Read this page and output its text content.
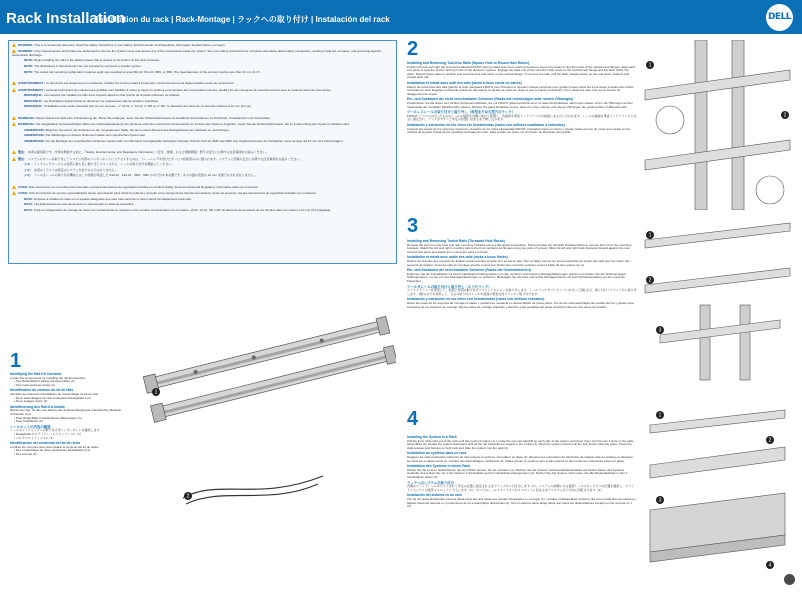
Rack Installation
Installation du rack | Rack-Montage | ラックへの取り付け | Instalación del rack	DELL
WARNING: This is a condensed reference. Read the safety instructions in your Safety, Environmental, and Regulatory Information booklet before you begin.
WARNING: Only trained service technicians are authorized to remove the system cover and access any of the components inside the system. See your safety instructions for complete information about safety precautions, working inside the computer, and protecting against electrostatic discharge.
NOTE: Begin installing the rails in the allotted space that is closest to the bottom of the rack enclosure.
NOTE: The illustrations in this document are not intended to represent a specific system.
NOTE: The tooled rail mounting configuration requires eight user-supplied screws #10-32, #12-24, #M5, or #M6. The head diameter of the screws must be less than 10 mm (0.4").
AVERTISSEMENT : ce document est uniquement un condensé. Veuillez lire le livret relatif à la sécurité, l'environnement et la réglementation avant de commencer.
AVERTISSEMENT : seuls les techniciens de maintenance qualifiés sont habilités à retirer le capot du système pour accéder aux composants internes. Veuillez lire les consignes de sécurité fournies avec le système avant de commencer.
REMARQUE : commencez par installer les rails dans l'espace alloué le plus proche de la partie inférieure du châssis.
REMARQUE : les illustrations figurant dans ce document ne représentent pas de système spécifique.
REMARQUE : l'installation avec outils nécessite huit vis non fournies : n° 10-32, n° 12-24, n° M5 ou n° M6. Le diamètre des têtes de vis doit être inférieur à 10 mm (0,4 po).
WARNUNG: Dieses Dokument stellt eine Kurzanleitung dar. Bevor Sie anfangen, lesen Sie die Sicherheitshinweise im Handbuch Informationen zu Sicherheit, Umweltschutz und Vorschriften.
WARNUNG: Nur ausgebildete Servicetechniker dürfen die Gehäuseabdeckung des Systems entfernen und auf die Komponenten im Inneren des Systems zugreifen. Lesen Sie die Sicherheitshinweise, die im Lieferumfang des Systems enthalten sind.
ANMERKUNG: Beginnen Sie damit, die Schienen an der vorgesehenen Stelle, die dem unteren Bereich des Rackgehäuses am nächsten ist, anzubringen.
ANMERKUNG: Die Abbildungen in diesem Dokument stellen kein spezifisches System dar.
ANMERKUNG: Für die Montage der verschraubten Schienen werden acht vom Benutzer bereitgestellte Schrauben benötigt: #10-32, #12-24, #M5 oder #M6. Der Kopfdurchmesser der Schrauben muss weniger als 10 mm (0,4 Zoll) betragen.
警告： 本書は簡易版です。作業を開始する前に、『Safety, Environmental, and Regulatory Information』（安全、環境、および規制情報）冊子の安全にお関する注意事項をお読みください。
警告： システムのカバーを取り外してシステム内部のコンポーネントにアクセスするのは、トレーニングを受けたサービス技術者のみに限られます。システムに付属の安全にお関する注意事項をお読みください。
メモ： ラックエンクロージャの底部に最も近い割り当てスペースから、レールの取り付けを開始してください。
メモ： 本書のイラストは特定のシステムを表すものではありません。
メモ： ツール式レールの取り付け構成には、お客様が用意した #10-32、#12-24、#M5、#M6 のネジが 8 本必要です。ネジの頭の直径は 10 mm 未満でなければなりません。
AVISO: Este documento es una referencia resumida. Lea las instrucciones de seguridad incluidas en el folleto Safety, Environmental and Regulatory Information antes de comenzar.
AVISO: Solo los técnicos de servicio especializados tienen autorización para retirar la cubierta y acceder a los componentes internos del sistema. Antes de empezar, lea las instrucciones de seguridad incluidas con el sistema.
NOTA: Empiece a instalar los rieles en el espacio designado que esté más cerca de la parte inferior del alojamiento para rack.
NOTA: Las ilustraciones de este documento no representan un sistema específico.
NOTA: Para la configuración de montaje de rieles con herramientas se requieren ocho tornillos suministrados por el usuario: 10-32, 12-24, M5 o M6. El diámetro de la cabeza de los tornillos debe ser inferior a 10 mm (0,4 pulgadas).
1
Identifying the Rail Kit Contents

Locate the components for installing the rail kit assembly:

• Two ReadyRails II sliding rail assemblies (1)

• Two hook-and-loop straps (2)

Identification du contenu du kit de rails

Identifiez les éléments d'installation de l'assemblage du kit de rails :

• Deux assemblages de rails coulissants ReadyRails II (1)

• Deux sangles velcro (2)

Identifizierung des Rail-Kit-Inhalts

Bestimmen Sie, ob alle zum Einbau der Schienenbaugruppe erforderlichen Bauteile vorhanden sind:

• Zwei ReadyRails II Gleitschienen-Baugruppen (1)

• Zwei Klettbänder (2)

レールキットの内容の確認

レールキットアセンブリの取り付け用コンポーネントを確認します。

• ReadyRails II スライドレールアセンブリ x 2（1）

• ベルクロストラップ x 2（2）

Identificación del contenido del kit de rieles

Localice los componentes para instalar el conjunto del kit de rieles:

• Dos ensamblajes de rieles deslizantes ReadyRails II (1)

• Dos correas (2)

1
2
2
Installing and Removing Tool-less Rails (Square Hole or Round Hole Racks)

Position the left and right rail end pieces labeled FRONT facing inward and orient each end piece to seat in the holes on the front side of the vertical rack flanges. Align each end piece to seat the bottom and top holes of the desired U spaces. Engage the back end of the rail until it fully seats on the vertical rack flange and the latch clicks into place. Repeat these steps to position and seat the front end piece on the vertical flange. To remove the rails, pull the latch release button on the end piece midpoint and unseat each rail.

Installation et retrait sans outil des rails (racks à trous ronds ou carrés)

Placez les extrémités des rails gauche et droit marquées FRONT vers l'intérieur et orientez chaque extrémité pour qu'elle s'insère dans les trous situés à l'avant des brides verticales du rack. Engagez l'extrémité arrière du rail jusqu'à ce qu'elle se mette en place et que le loquet s'enclenche. Pour retirer les rails, tirez sur le bouton de dégagement du loquet.

Ein- und Ausbauen der nicht verschraubten Schienen (Racks mit rechteckigen oder runden Öffnungen)

Positionieren Sie die linken und rechten Schienenendstücke, die mit FRONT gekennzeichnet sind, so dass die Endstücke nach innen weisen und in die Öffnungen auf der Vorderseite der vertikalen Rackflansche passen. Richten Sie jedes Endstück so aus, dass es in den unteren und oberen Öffnungen der gewünschten U-Bereiche sitzt.

ツールレスレールの取り付けと取り外し（角型または丸型穴のラック）

FRONT とラベルの付いた左右のレールの端部を内側に向けて配置し、各端部を垂直ラックフランジの前面にある穴に合わせます。レールの後端を垂直ラックフランジに完全に固定され、ラッチがカチッと所定の位置に収まるまで押し込みます。

Instalación y extracción de los rieles sin herramientas (racks con orificios cuadrados o redondos)

Coloque las piezas de los extremos izquierdo y derecho de los rieles etiquetadas FRONT orientadas hacia el interior y oriente cada extremo de modo que encaje en los orificios de la parte frontal de las pestañas verticales del rack. Para extraer los rieles, tire del botón de liberación del pestillo.

1
2
3
Installing and Removing Tooled Rails (Threaded Hole Racks)

Remove the pins from the front and rear mounting brackets using a flat-tipped screwdriver. Pull and rotate the rail latch subassemblies to remove them from the mounting brackets. Attach the left and right mounting rails to the front vertical post flanges using two pairs of screws. Slide the left and right back brackets forward against the rear vertical rack posts and attach them using two pairs of screws.

Installation et retrait avec outils des rails (racks à trous filetés)

Retirez les broches des supports de fixation avant et arrière à l'aide d'un tournevis plat. Tirez et faites tourner les sous-ensembles de loquet des rails pour les retirer des supports de fixation. Fixez les rails de montage gauche et droit aux brides des montants verticaux avant à l'aide de deux paires de vis.

Ein- und Ausbauen der verschraubten Schienen (Racks mit Gewindelöchern)

Entfernen Sie die Kontaktstifte mit einem Flachkopfschraubendreher von den vorderen und hinteren Montagehalterungen. Ziehen und drehen Sie die Schienenriegel-Teilbaugruppen, um sie von den Montagehalterungen zu entfernen. Befestigen Sie die linke und rechte Montageschiene mit zwei Schraubenpaaren an den vorderen Flanschen.

ツール式レールの取り付けと取り外し（ネジ穴ラック）

マイナスドライバを使用して、前面と背面の取り付けブラケットからピンを取り外します。レールラッチサブアセンブリを引いて回転させ、取り付けブラケットから取り外します。2組のネジを使用して、左右の取り付けレールを前面の垂直支柱フランジに取り付けます。

Instalación y extracción de los rieles con herramientas (racks con orificios roscados)

Retire las patas de los soportes de montaje frontales y posteriores mediante un destornillador de punta plana. Tire de los subensamblajes del pestillo del riel y gírelos para extraerlos de los soportes de montaje. Fije los rieles de montaje izquierdo y derecho a las pestañas del poste vertical frontal con dos pares de tornillos.

1
2
3
4
Installing the System in a Rack

Pull the inner slide rails out of the rack until they lock into place (1). Locate the rear rail standoff on each side of the system and lower them into the rear J-slots on the slide assemblies (2). Rotate the system downward until all the rail standoffs are seated in the J-slots (3). Push the system inward until the lock levers click into place. Press the slide-release lock buttons on both rails and slide the system into the rack (4).

Installation du système dans un rack

Dégagez les rails coulissants intérieurs du rack jusqu'à ce qu'ils se verrouillent en place (1). Repérez les entretoises de rail arrière de chaque côté du système et abaissez-les dans les emplacements en J arrière des assemblages coulissants (2). Faites pivoter le système vers le bas jusqu'à ce que toutes les entretoises soient en place.

Installation des Systems in einem Rack

Ziehen Sie die inneren Gleitschienen aus dem Rack heraus, bis sie einrasten (1). Machen Sie die hinteren Schienenabstandsstücke auf beiden Seiten des Systems ausfindig und senken Sie sie in die hinteren J-Steckplätze auf den Gleitschienenbaugruppen (2). Drehen Sie das System nach unten, bis alle Abstandsstücke in den J-Steckplätzen sitzen (3).

ラックへのシステムの取り付け

内側のスライドレールをロックされて所定の位置に固定されるまでラックから引き出します（1）。システムの両側にある後部レールスタンドオフの位置を確認し、スライドアセンブリの後部 J スロットに下ろします（2）。すべてのレールスタンドオフが J スロットに収まるまでシステムを下方向に回転させます（3）。

Instalación del sistema en un rack

Tire de los rieles deslizantes internos hacia fuera del rack hasta que queden bloqueados en su lugar (1). Localice el distanciador posterior del riel en cada lado del sistema y bájelos hacia las ranuras en J posteriores de los ensamblajes deslizantes (2). Gire el sistema hacia abajo hasta que todos los distanciadores encajen en las ranuras en J (3).

1
2
3
4
